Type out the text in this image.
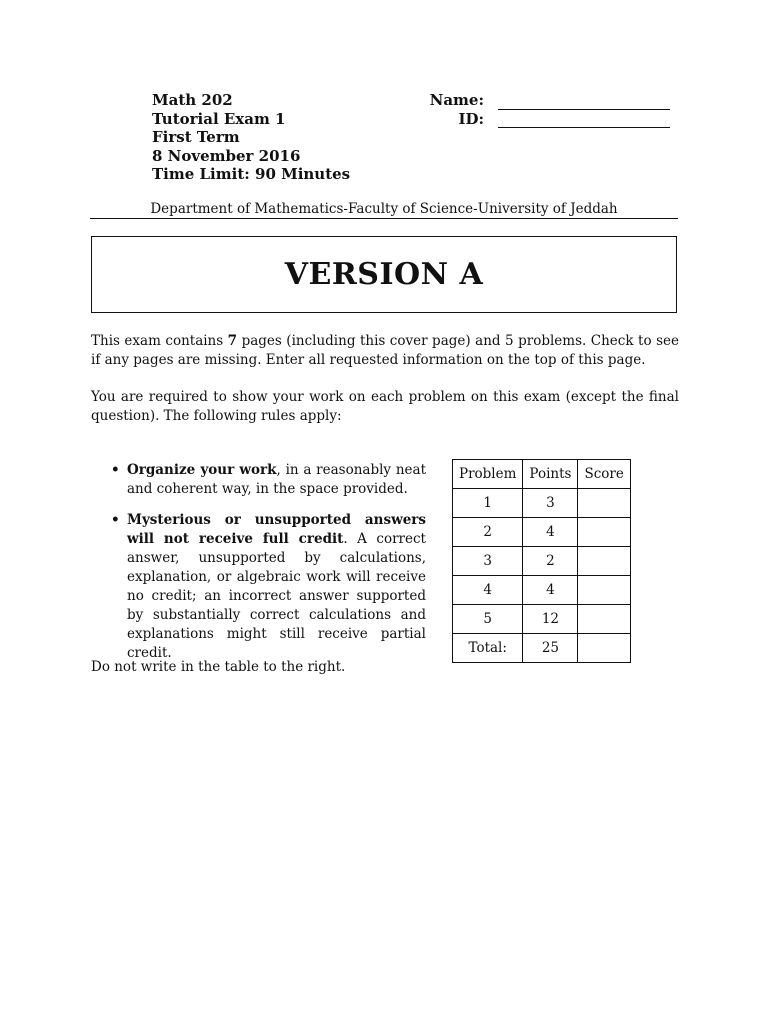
Math 202
Tutorial Exam 1
First Term
8 November 2016
Time Limit: 90 Minutes
Name:
ID:
Department of Mathematics-Faculty of Science-University of Jeddah
VERSION A
This exam contains 7 pages (including this cover page) and 5 problems. Check to see if any pages are missing. Enter all requested information on the top of this page.
You are required to show your work on each problem on this exam (except the final question). The following rules apply:
• Organize your work, in a reasonably neat and coherent way, in the space provided.
• Mysterious or unsupported answers will not receive full credit. A correct answer, unsupported by calculations, explanation, or algebraic work will receive no credit; an incorrect answer supported by substantially correct calculations and explanations might still receive partial credit.
Do not write in the table to the right.
Problem	Points	Score
1	3	
2	4	
3	2	
4	4	
5	12	
Total:	25	
